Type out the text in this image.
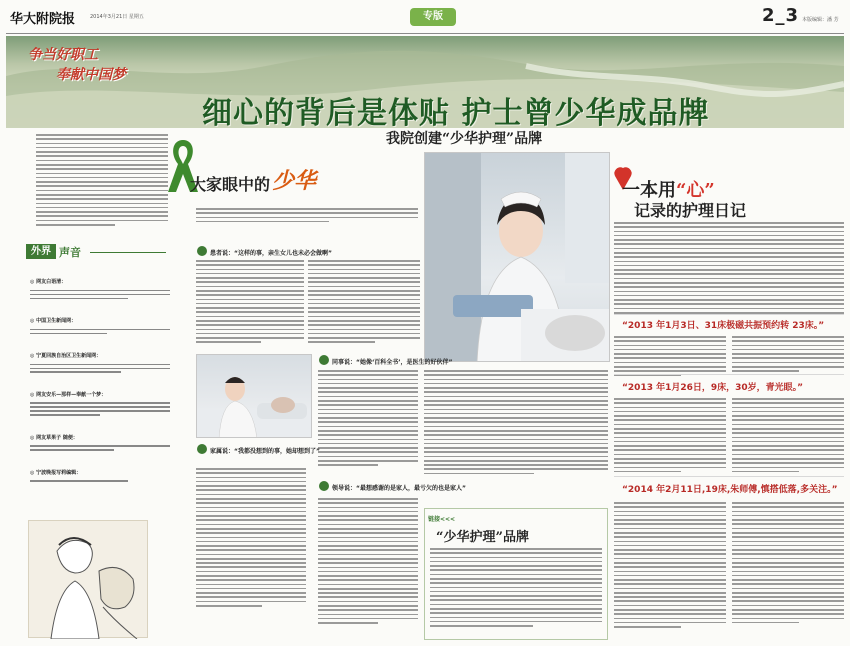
华大附院报	2014年3月21日 星期五	专版	2_3 本版编辑：潘 芳
争当好职工
奉献中国梦
细心的背后是体贴 护士曾少华成品牌
我院创建“少华护理”品牌
外界 声音
◎ 网友白语清：
◎ 中国卫生新闻网：
◎ 宁夏回族自治区卫生新闻网：
◎ 网友安乐—那样—奉献一个梦：
◎ 网友草果子 随便：
◎ 宁波晚报写莉编辑：
大家眼中的 少华
患者说：“这样的事，亲生女儿也未必会做啊”
同事说：“她像‘百科全书’，是医生的好伙伴”
家属说：“我都没想到的事，她却想到了”
领导说：“最想感谢的是家人，最亏欠的也是家人”
链接<<<
“少华护理”品牌
一本用“心”
记录的护理日记
“2013 年1月3日、31床极磁共振预约转 23床。”
“2013 年1月26日，9床，30岁，青光眼。”
“2014 年2月11日,19床,朱师傅,慎搭低落,多关注。”
